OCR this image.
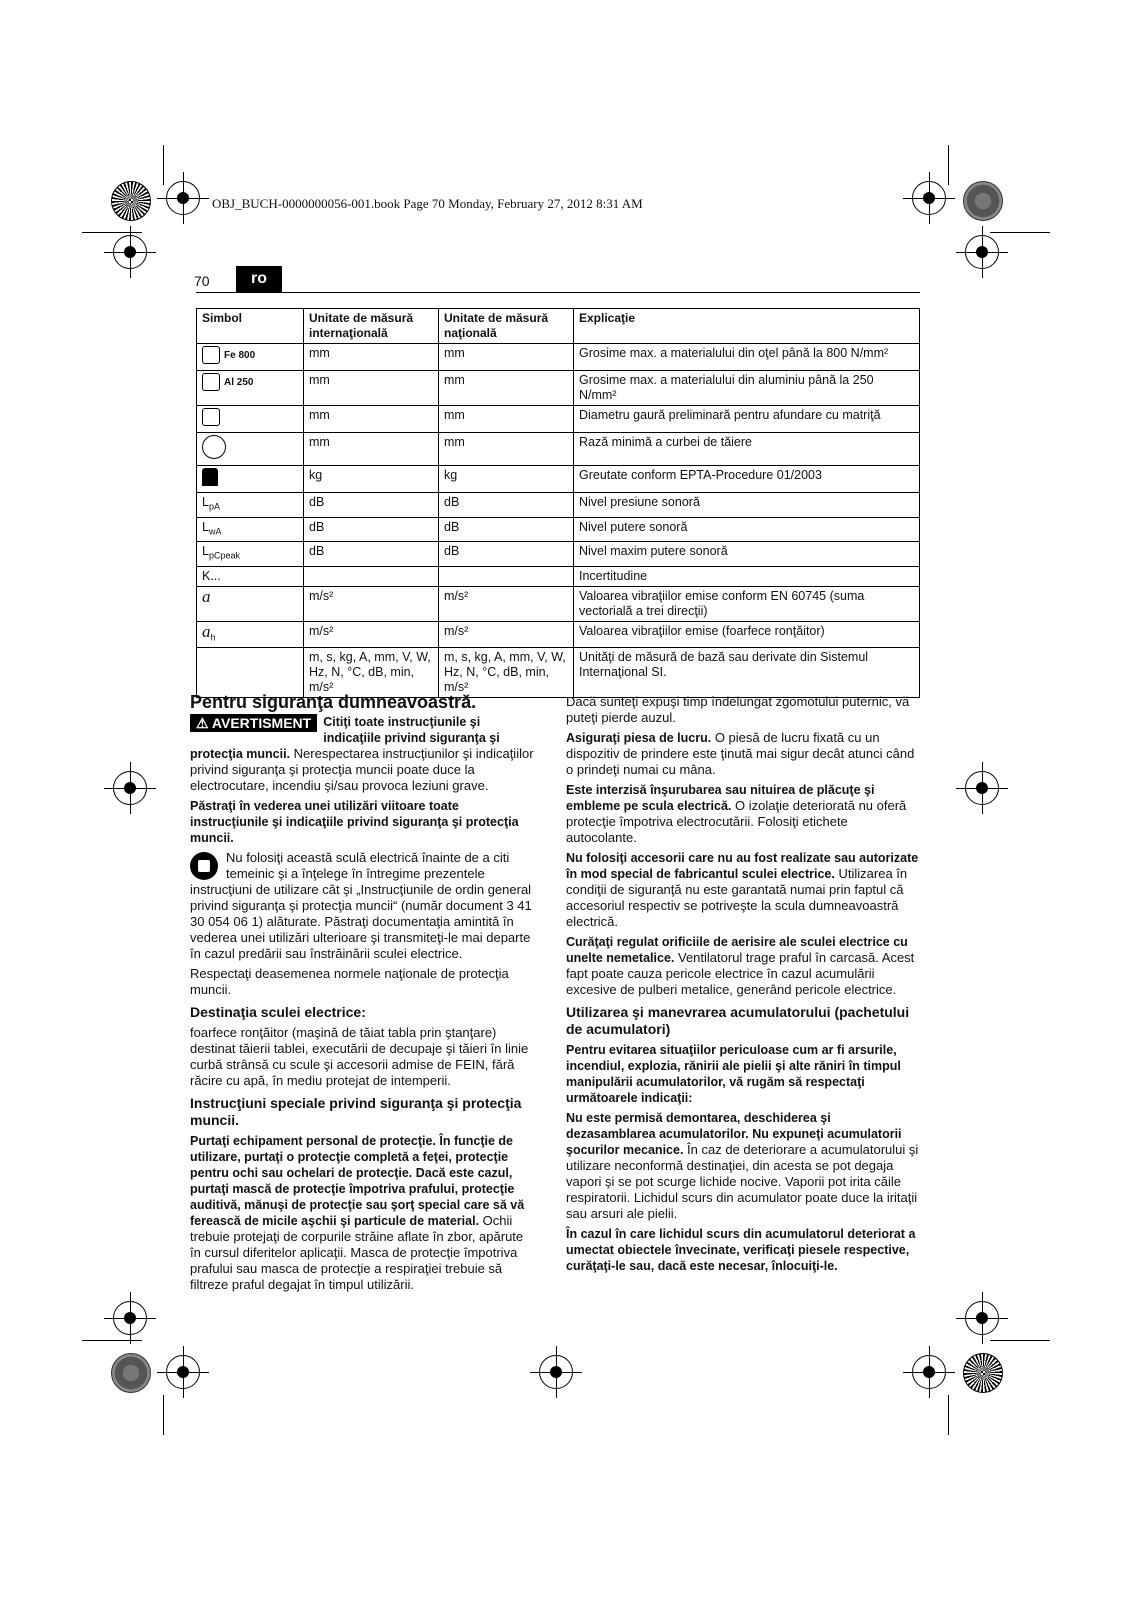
OBJ_BUCH-0000000056-001.book Page 70 Monday, February 27, 2012 8:31 AM
70	ro
Simbol	Unitate de măsură internaţională	Unitate de măsură naţională	Explicaţie

Fe 800	mm	mm	Grosime max. a materialului din oţel până la 800 N/mm²

Al 250	mm	mm	Grosime max. a materialului din aluminiu până la 250 N/mm²
	mm	mm	Diametru gaură preliminară pentru afundare cu matriţă
	mm	mm	Rază minimă a curbei de tăiere
	kg	kg	Greutate conform EPTA-Procedure 01/2003
$L_{pA}$	dB	dB	Nivel presiune sonoră
$L_{wA}$	dB	dB	Nivel putere sonoră
$L_{pCpeak}$	dB	dB	Nivel maxim putere sonoră
K...			Incertitudine
a	m/s²	m/s²	Valoarea vibraţiilor emise conform EN 60745 (suma vectorială a trei direcţii)
$a_h$	m/s²	m/s²	Valoarea vibraţiilor emise (foarfece ronţăitor)
	m, s, kg, A, mm, V, W, Hz, N, °C, dB, min, m/s²	m, s, kg, A, mm, V, W, Hz, N, °C, dB, min, m/s²	Unităţi de măsură de bază sau derivate din Sistemul Internaţional SI.
Pentru siguranţa dumneavoastră.

⚠ AVERTISMENT Citiţi toate instrucţiunile şi indicaţiile privind siguranţa şi protecţia muncii. Nerespectarea instrucţiunilor şi indicaţiilor privind siguranţa şi protecţia muncii poate duce la electrocutare, incendiu şi/sau provoca leziuni grave.

Păstraţi în vederea unei utilizări viitoare toate instrucţiunile şi indicaţiile privind siguranţa şi protecţia muncii.

Nu folosiţi această sculă electrică înainte de a citi temeinic şi a înţelege în întregime prezentele instrucţiuni de utilizare cât şi „Instrucţiunile de ordin general privind siguranţa şi protecţia muncii“ (număr document 3 41 30 054 06 1) alăturate. Păstraţi documentaţia amintită în vederea unei utilizări ulterioare şi transmiteţi-le mai departe în cazul predării sau înstrăinării sculei electrice.

Respectaţi deasemenea normele naţionale de protecţia muncii.

Destinaţia sculei electrice:

foarfece ronţăitor (maşină de tăiat tabla prin ştanţare) destinat tăierii tablei, executării de decupaje şi tăieri în linie curbă strânsă cu scule şi accesorii admise de FEIN, fără răcire cu apă, în mediu protejat de intemperii.

Instrucţiuni speciale privind siguranţa şi protecţia muncii.

Purtaţi echipament personal de protecţie. În funcţie de utilizare, purtaţi o protecţie completă a feţei, protecţie pentru ochi sau ochelari de protecţie. Dacă este cazul, purtaţi mască de protecţie împotriva prafului, protecţie auditivă, mănuşi de protecţie sau şorţ special care să vă ferească de micile aşchii şi particule de material. Ochii trebuie protejaţi de corpurile străine aflate în zbor, apărute în cursul diferitelor aplicaţii. Masca de protecţie împotriva prafului sau masca de protecţie a respiraţiei trebuie să filtreze praful degajat în timpul utilizării.

Dacă sunteţi expuşi timp îndelungat zgomotului puternic, vă puteţi pierde auzul.

Asiguraţi piesa de lucru. O piesă de lucru fixată cu un dispozitiv de prindere este ţinută mai sigur decât atunci când o prindeţi numai cu mâna.

Este interzisă înşurubarea sau nituirea de plăcuţe şi embleme pe scula electrică. O izolaţie deteriorată nu oferă protecţie împotriva electrocutării. Folosiţi etichete autocolante.

Nu folosiţi accesorii care nu au fost realizate sau autorizate în mod special de fabricantul sculei electrice. Utilizarea în condiţii de siguranţă nu este garantată numai prin faptul că accesoriul respectiv se potriveşte la scula dumneavoastră electrică.

Curăţaţi regulat orificiile de aerisire ale sculei electrice cu unelte nemetalice. Ventilatorul trage praful în carcasă. Acest fapt poate cauza pericole electrice în cazul acumulării excesive de pulberi metalice, generând pericole electrice.

Utilizarea şi manevrarea acumulatorului (pachetului de acumulatori)

Pentru evitarea situaţiilor periculoase cum ar fi arsurile, incendiul, explozia, rănirii ale pielii şi alte răniri în timpul manipulării acumulatorilor, vă rugăm să respectaţi următoarele indicaţii:

Nu este permisă demontarea, deschiderea şi dezasamblarea acumulatorilor. Nu expuneţi acumulatorii şocurilor mecanice. În caz de deteriorare a acumulatorului şi utilizare neconformă destinaţiei, din acesta se pot degaja vapori şi se pot scurge lichide nocive. Vaporii pot irita căile respiratorii. Lichidul scurs din acumulator poate duce la iritaţii sau arsuri ale pielii.

În cazul în care lichidul scurs din acumulatorul deteriorat a umectat obiectele învecinate, verificaţi piesele respective, curăţaţi-le sau, dacă este necesar, înlocuiţi-le.
